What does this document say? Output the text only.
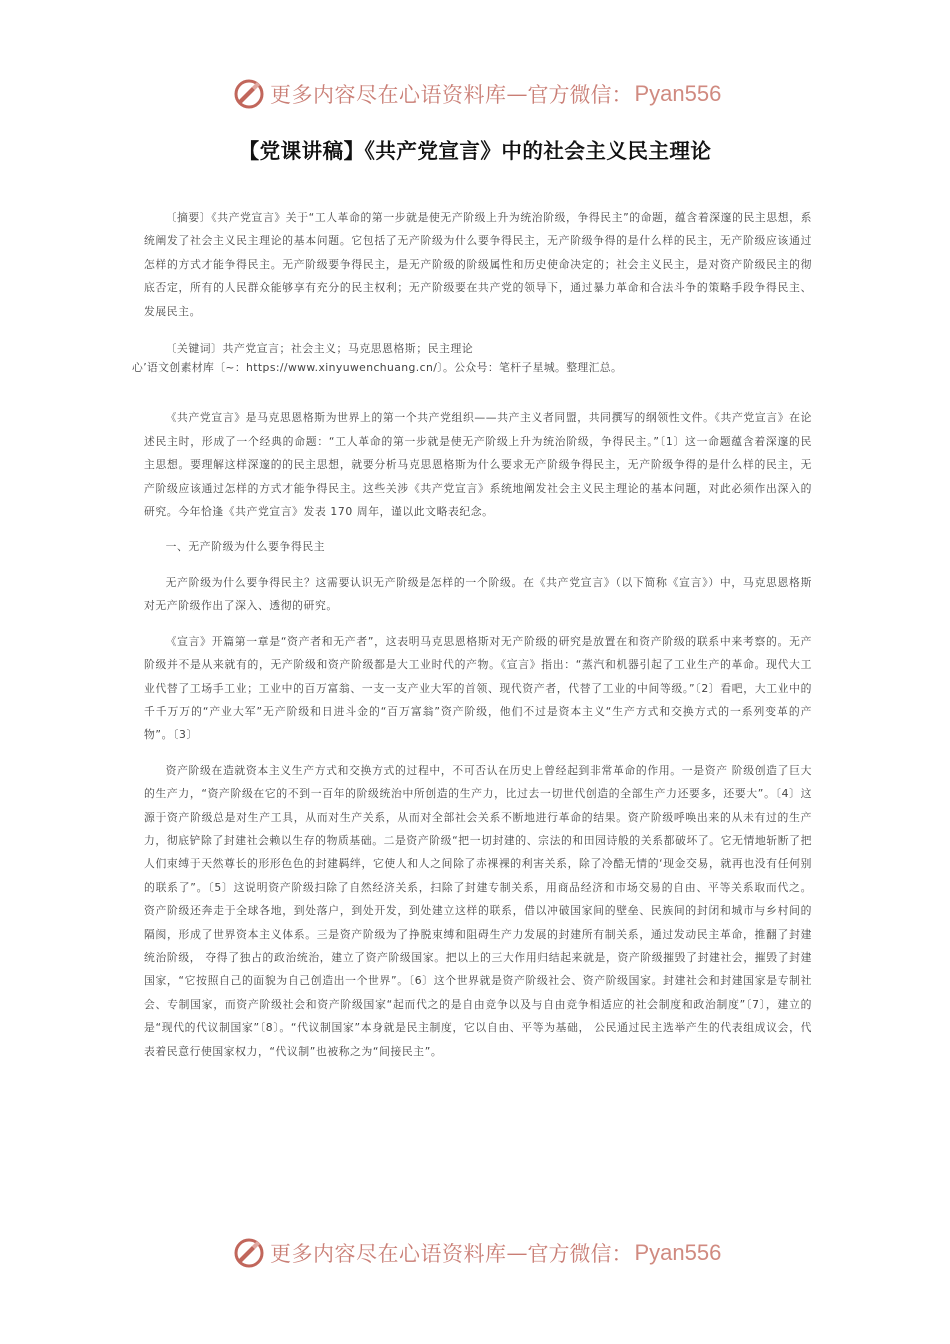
更多内容尽在心语资料库 — 官方微信： Pyan556
【党课讲稿】《共产党宣言》中的社会主义民主理论

〔摘要〕《共产党宣言》关于“工人革命的第一步就是使无产阶级上升为统治阶级，争得民主”的命题，蕴含着深邃的民主思想，系统阐发了社会主义民主理论的基本问题。它包括了无产阶级为什么要争得民主，无产阶级争得的是什么样的民主，无产阶级应该通过怎样的方式才能争得民主。无产阶级要争得民主，是无产阶级的阶级属性和历史使命决定的；社会主义民主，是对资产阶级民主的彻底否定，所有的人民群众能够享有充分的民主权利；无产阶级要在共产党的领导下，通过暴力革命和合法斗争的策略手段争得民主、发展民主。

〔关键词〕共产党宣言；社会主义；马克思恩格斯；民主理论

心’语文创素材库〔~：https://www.xinyuwenchuang.cn/〕。公众号：笔杆子星城。整理汇总。

《共产党宣言》是马克思恩格斯为世界上的第一个共产党组织——共产主义者同盟，共同撰写的纲领性文件。《共产党宣言》在论述民主时，形成了一个经典的命题：“工人革命的第一步就是使无产阶级上升为统治阶级，争得民主。”〔1〕这一命题蕴含着深邃的民主思想。要理解这样深邃的的民主思想，就要分析马克思恩格斯为什么要求无产阶级争得民主，无产阶级争得的是什么样的民主，无产阶级应该通过怎样的方式才能争得民主。这些关涉《共产党宣言》系统地阐发社会主义民主理论的基本问题，对此必须作出深入的研究。今年恰逢《共产党宣言》发表 170 周年，谨以此文略表纪念。

一、无产阶级为什么要争得民主

无产阶级为什么要争得民主？这需要认识无产阶级是怎样的一个阶级。在《共产党宣言》（以下简称《宣言》）中，马克思恩格斯对无产阶级作出了深入、透彻的研究。

《宣言》开篇第一章是“资产者和无产者”，这表明马克思恩格斯对无产阶级的研究是放置在和资产阶级的联系中来考察的。无产阶级并不是从来就有的，无产阶级和资产阶级都是大工业时代的产物。《宣言》指出：“蒸汽和机器引起了工业生产的革命。现代大工业代替了工场手工业；工业中的百万富翁、一支一支产业大军的首领、现代资产者，代替了工业的中间等级。”〔2〕看吧，大工业中的千千万万的“产业大军”无产阶级和日进斗金的“百万富翁”资产阶级，他们不过是资本主义“生产方式和交换方式的一系列变革的产物”。〔3〕

资产阶级在造就资本主义生产方式和交换方式的过程中，不可否认在历史上曾经起到非常革命的作用。一是资产 阶级创造了巨大的生产力，“资产阶级在它的不到一百年的阶级统治中所创造的生产力，比过去一切世代创造的全部生产力还要多，还要大”。〔4〕这源于资产阶级总是对生产工具，从而对生产关系，从而对全部社会关系不断地进行革命的结果。资产阶级呼唤出来的从未有过的生产力，彻底铲除了封建社会赖以生存的物质基础。二是资产阶级“把一切封建的、宗法的和田园诗般的关系都破坏了。它无情地斩断了把人们束缚于天然尊长的形形色色的封建羁绊，它使人和人之间除了赤裸裸的利害关系，除了冷酷无情的‘现金交易，就再也没有任何别的联系了”。〔5〕这说明资产阶级扫除了自然经济关系，扫除了封建专制关系，用商品经济和市场交易的自由、平等关系取而代之。资产阶级还奔走于全球各地，到处落户，到处开发，到处建立这样的联系，借以冲破国家间的壁垒、民族间的封闭和城市与乡村间的隔阂，形成了世界资本主义体系。三是资产阶级为了挣脱束缚和阻碍生产力发展的封建所有制关系，通过发动民主革命，推翻了封建统治阶级， 夺得了独占的政治统治，建立了资产阶级国家。把以上的三大作用归结起来就是，资产阶级摧毁了封建社会，摧毁了封建国家，“它按照自己的面貌为自己创造出一个世界”。〔6〕这个世界就是资产阶级社会、资产阶级国家。封建社会和封建国家是专制社会、专制国家，而资产阶级社会和资产阶级国家“起而代之的是自由竞争以及与自由竞争相适应的社会制度和政治制度”〔7〕，建立的是“现代的代议制国家”〔8〕。“代议制国家”本身就是民主制度，它以自由、平等为基础， 公民通过民主选举产生的代表组成议会，代表着民意行使国家权力，“代议制”也被称之为“间接民主”。

更多内容尽在心语资料库 — 官方微信： Pyan556
